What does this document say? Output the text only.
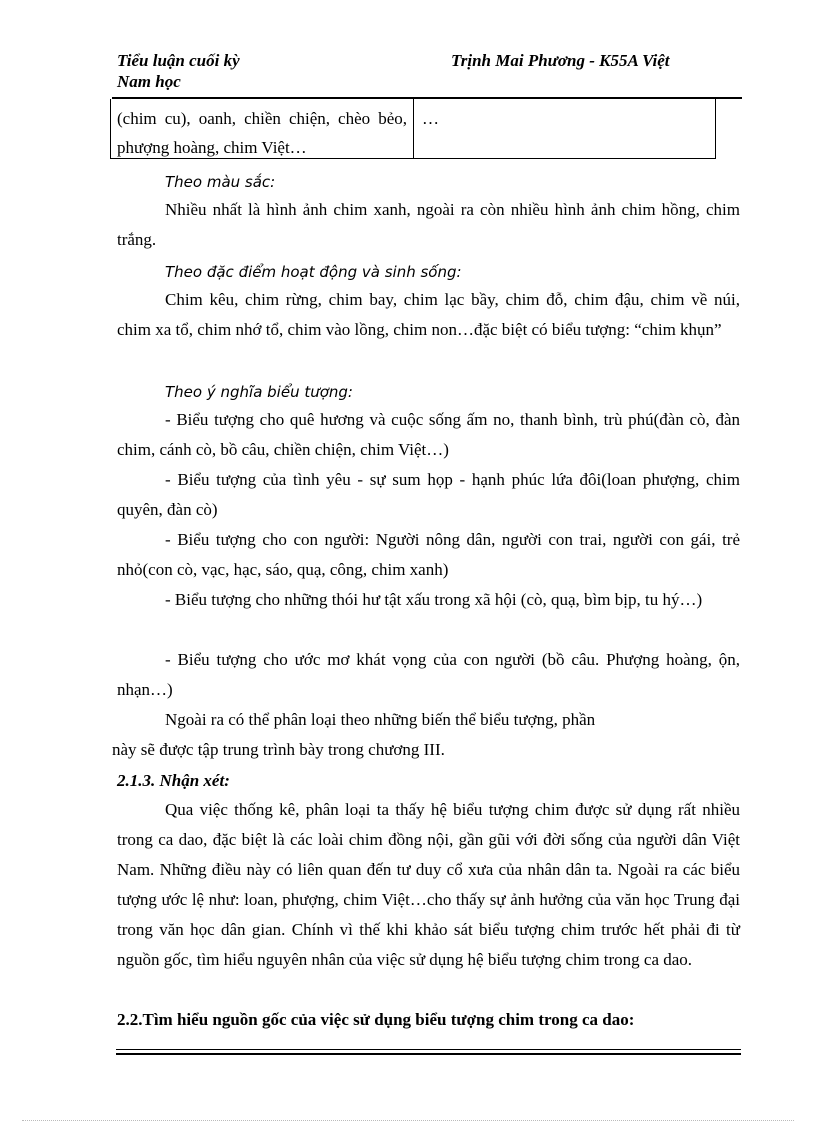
Tiểu luận cuối kỳ
Nam học
Trịnh Mai Phương - K55A Việt
(chim cu), oanh, chiền chiện, chèo bẻo, phượng hoàng, chim Việt…
…
Theo màu sắc:
Nhiều nhất là hình ảnh chim xanh, ngoài ra còn nhiều hình ảnh chim hồng, chim trắng.
Theo đặc điểm hoạt động và sinh sống:
Chim kêu, chim rừng, chim bay, chim lạc bầy, chim đỗ, chim đậu, chim về núi, chim xa tổ, chim nhớ tổ, chim vào lồng, chim non…đặc biệt có biểu tượng: “chim khụn”
Theo ý nghĩa biểu tượng:
- Biểu tượng cho quê hương và cuộc sống ấm no, thanh bình, trù phú(đàn cò, đàn chim, cánh cò, bồ câu, chiền chiện, chim Việt…)
- Biểu tượng của tình yêu - sự sum họp - hạnh phúc lứa đôi(loan phượng, chim quyên, đàn cò)
- Biểu tượng cho con người: Người nông dân, người con trai, người con gái, trẻ nhỏ(con cò, vạc, hạc, sáo, quạ, công, chim xanh)
- Biểu tượng cho những thói hư tật xấu trong xã hội (cò, quạ, bìm bịp, tu hý…)
- Biểu tượng cho ước mơ khát vọng của con người (bồ câu. Phượng hoàng, ộn, nhạn…)
Ngoài ra có thể phân loại theo những biến thể biểu tượng, phần
này sẽ được tập trung trình bày trong chương III.
2.1.3. Nhận xét:
Qua việc thống kê, phân loại ta thấy hệ biểu tượng chim được sử dụng rất nhiều trong ca dao, đặc biệt là các loài chim đồng nội, gần gũi với đời sống của người dân Việt Nam. Những điều này có liên quan đến tư duy cổ xưa của nhân dân ta. Ngoài ra các biểu tượng ước lệ như: loan, phượng, chim Việt…cho thấy sự ảnh hưởng của văn học Trung đại trong văn học dân gian. Chính vì thế khi khảo sát biểu tượng chim trước hết phải đi từ nguồn gốc, tìm hiểu nguyên nhân của việc sử dụng hệ biểu tượng chim trong ca dao.
2.2.Tìm hiểu nguồn gốc của việc sử dụng biểu tượng chim trong ca dao:
